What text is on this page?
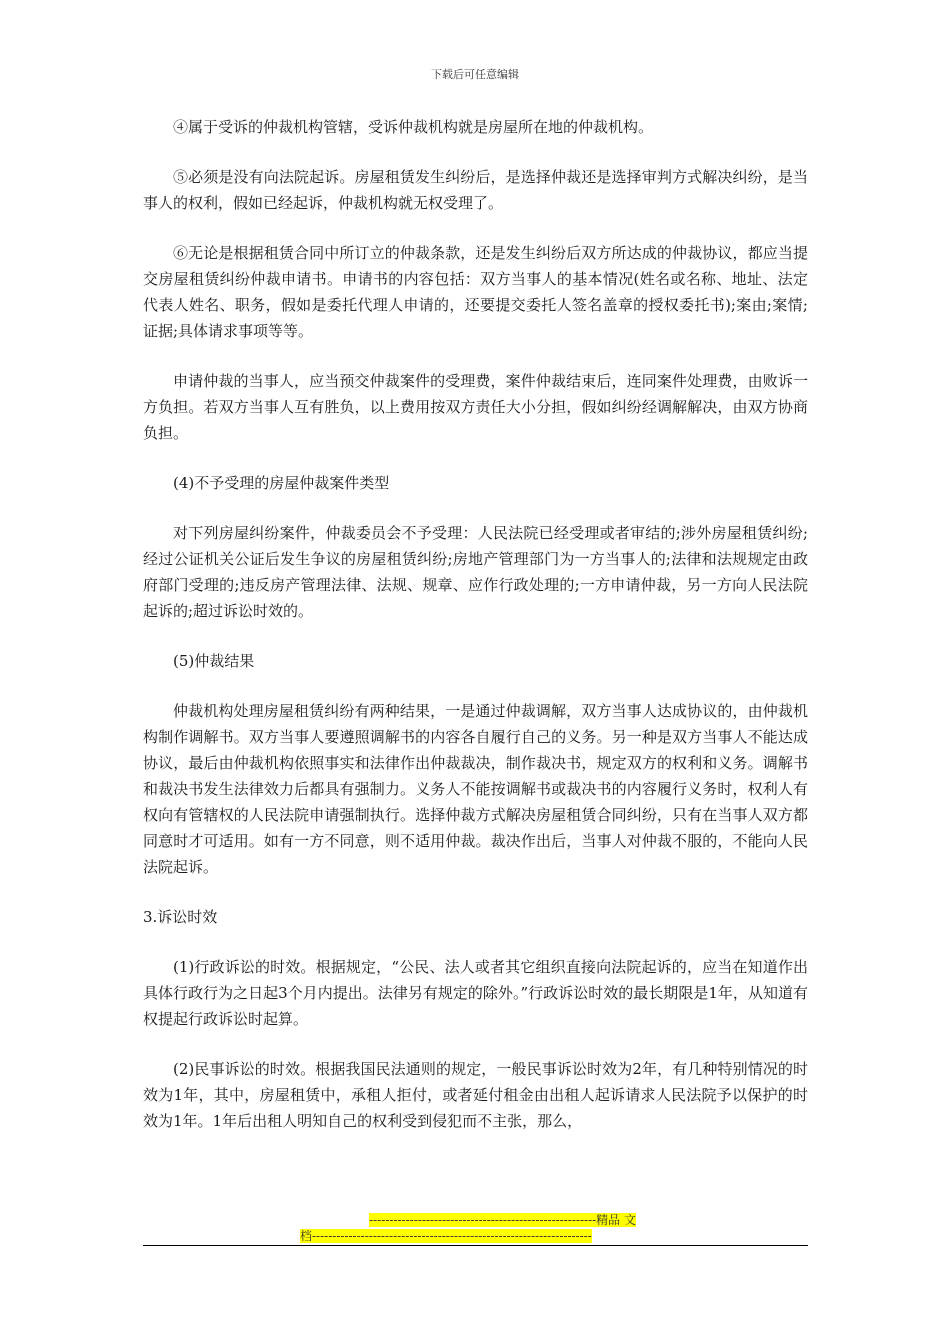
下载后可任意编辑

④属于受诉的仲裁机构管辖，受诉仲裁机构就是房屋所在地的仲裁机构。

⑤必须是没有向法院起诉。房屋租赁发生纠纷后，是选择仲裁还是选择审判方式解决纠纷，是当事人的权利，假如已经起诉，仲裁机构就无权受理了。

⑥无论是根据租赁合同中所订立的仲裁条款，还是发生纠纷后双方所达成的仲裁协议，都应当提交房屋租赁纠纷仲裁申请书。申请书的内容包括：双方当事人的基本情况(姓名或名称、地址、法定代表人姓名、职务，假如是委托代理人申请的，还要提交委托人签名盖章的授权委托书);案由;案情;证据;具体请求事项等等。

申请仲裁的当事人，应当预交仲裁案件的受理费，案件仲裁结束后，连同案件处理费，由败诉一方负担。若双方当事人互有胜负，以上费用按双方责任大小分担，假如纠纷经调解解决，由双方协商负担。

(4)不予受理的房屋仲裁案件类型

对下列房屋纠纷案件，仲裁委员会不予受理：人民法院已经受理或者审结的;涉外房屋租赁纠纷;经过公证机关公证后发生争议的房屋租赁纠纷;房地产管理部门为一方当事人的;法律和法规规定由政府部门受理的;违反房产管理法律、法规、规章、应作行政处理的;一方申请仲裁，另一方向人民法院起诉的;超过诉讼时效的。

(5)仲裁结果

仲裁机构处理房屋租赁纠纷有两种结果，一是通过仲裁调解，双方当事人达成协议的，由仲裁机构制作调解书。双方当事人要遵照调解书的内容各自履行自己的义务。另一种是双方当事人不能达成协议，最后由仲裁机构依照事实和法律作出仲裁裁决，制作裁决书，规定双方的权利和义务。调解书和裁决书发生法律效力后都具有强制力。义务人不能按调解书或裁决书的内容履行义务时，权利人有权向有管辖权的人民法院申请强制执行。选择仲裁方式解决房屋租赁合同纠纷，只有在当事人双方都同意时才可适用。如有一方不同意，则不适用仲裁。裁决作出后，当事人对仲裁不服的，不能向人民法院起诉。

3.诉讼时效

(1)行政诉讼的时效。根据规定，“公民、法人或者其它组织直接向法院起诉的，应当在知道作出具体行政行为之日起3个月内提出。法律另有规定的除外。”行政诉讼时效的最长期限是1年，从知道有权提起行政诉讼时起算。

(2)民事诉讼的时效。根据我国民法通则的规定，一般民事诉讼时效为2年，有几种特别情况的时效为1年，其中，房屋租赁中，承租人拒付，或者延付租金由出租人起诉请求人民法院予以保护的时效为1年。1年后出租人明知自己的权利受到侵犯而不主张，那么，

--------------------------------------------------------精品 文
档---------------------------------------------------------------------
